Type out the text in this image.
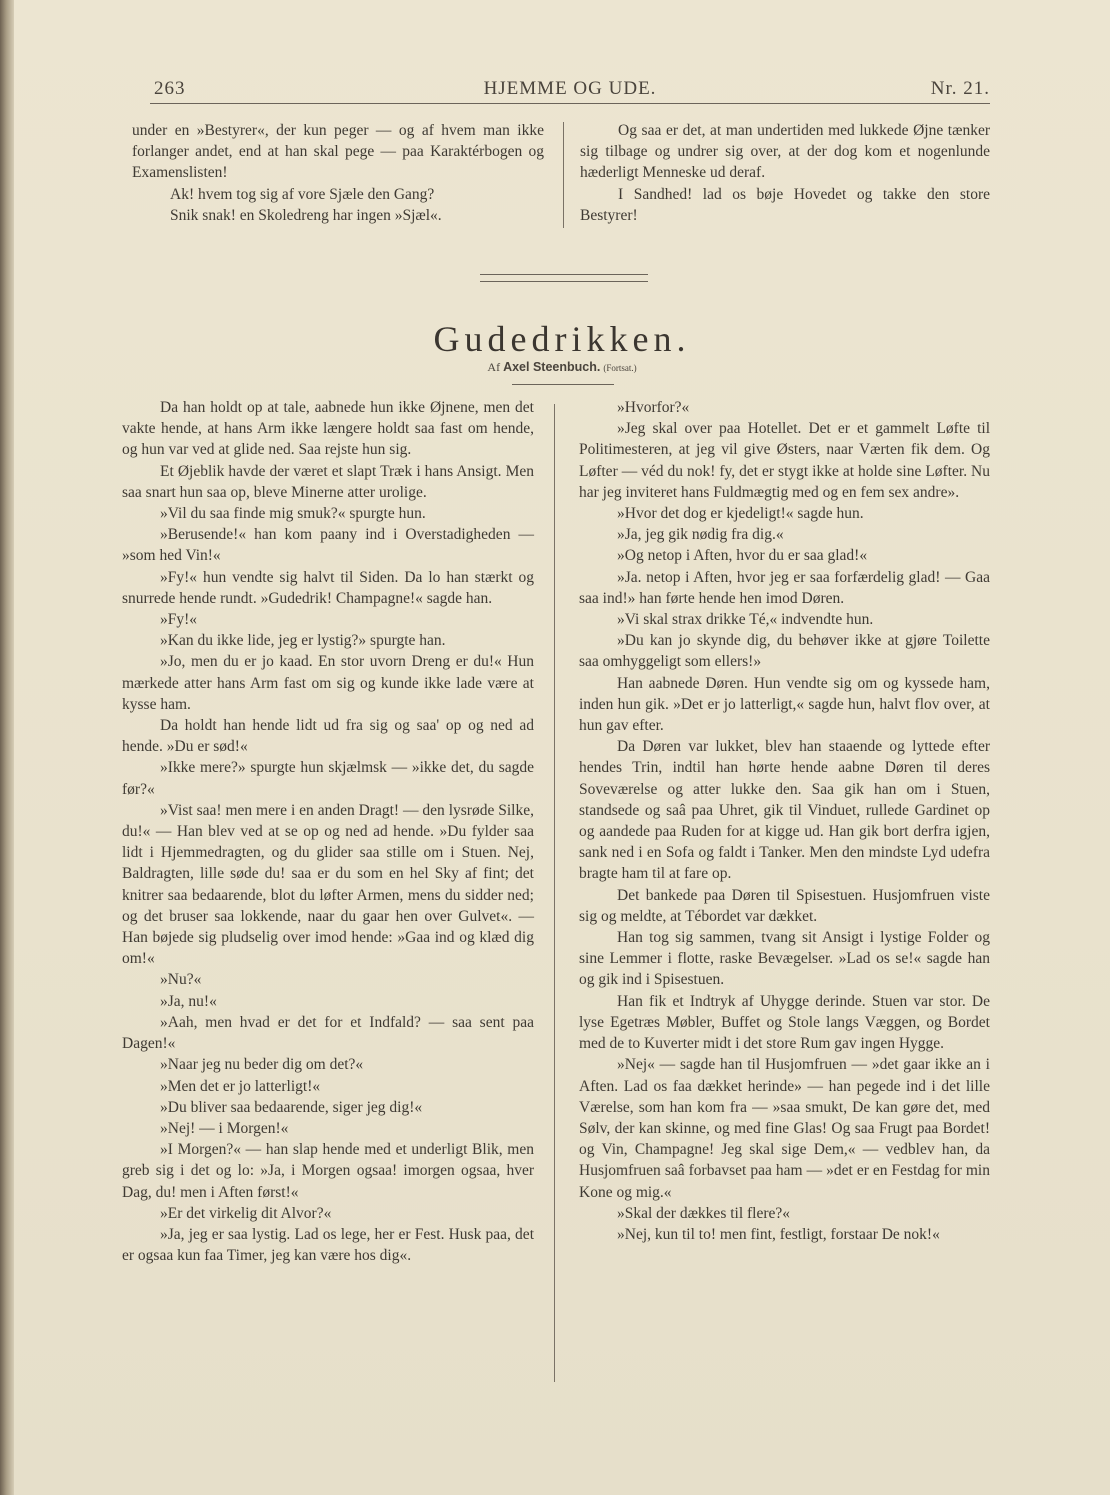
263	HJEMME OG UDE.	Nr. 21.

under en »Bestyrer«, der kun peger — og af hvem man ikke forlanger andet, end at han skal pege — paa Karaktérbogen og Examenslisten!

Ak! hvem tog sig af vore Sjæle den Gang?

Snik snak! en Skoledreng har ingen »Sjæl«.

Og saa er det, at man undertiden med lukkede Øjne tænker sig tilbage og undrer sig over, at der dog kom et nogenlunde hæderligt Menneske ud deraf.

I Sandhed! lad os bøje Hovedet og takke den store Bestyrer!

Gudedrikken.
Af Axel Steenbuch. (Fortsat.)

Da han holdt op at tale, aabnede hun ikke Øjnene, men det vakte hende, at hans Arm ikke længere holdt saa fast om hende, og hun var ved at glide ned. Saa rejste hun sig.

Et Øjeblik havde der været et slapt Træk i hans Ansigt. Men saa snart hun saa op, bleve Minerne atter urolige.

»Vil du saa finde mig smuk?« spurgte hun.

»Berusende!« han kom paany ind i Overstadigheden — »som hed Vin!«

»Fy!« hun vendte sig halvt til Siden. Da lo han stærkt og snurrede hende rundt. »Gudedrik! Champagne!« sagde han.

»Fy!«

»Kan du ikke lide, jeg er lystig?» spurgte han.

»Jo, men du er jo kaad. En stor uvorn Dreng er du!« Hun mærkede atter hans Arm fast om sig og kunde ikke lade være at kysse ham.

Da holdt han hende lidt ud fra sig og saa' op og ned ad hende. »Du er sød!«

»Ikke mere?» spurgte hun skjælmsk — »ikke det, du sagde før?«

»Vist saa! men mere i en anden Dragt! — den lysrøde Silke, du!« — Han blev ved at se op og ned ad hende. »Du fylder saa lidt i Hjemmedragten, og du glider saa stille om i Stuen. Nej, Baldragten, lille søde du! saa er du som en hel Sky af fint; det knitrer saa bedaarende, blot du løfter Armen, mens du sidder ned; og det bruser saa lokkende, naar du gaar hen over Gulvet«. — Han bøjede sig pludselig over imod hende: »Gaa ind og klæd dig om!«

»Nu?«

»Ja, nu!«

»Aah, men hvad er det for et Indfald? — saa sent paa Dagen!«

»Naar jeg nu beder dig om det?«

»Men det er jo latterligt!«

»Du bliver saa bedaarende, siger jeg dig!«

»Nej! — i Morgen!«

»I Morgen?« — han slap hende med et underligt Blik, men greb sig i det og lo: »Ja, i Morgen ogsaa! imorgen ogsaa, hver Dag, du! men i Aften først!«

»Er det virkelig dit Alvor?«

»Ja, jeg er saa lystig. Lad os lege, her er Fest. Husk paa, det er ogsaa kun faa Timer, jeg kan være hos dig«.

»Hvorfor?«

»Jeg skal over paa Hotellet. Det er et gammelt Løfte til Politimesteren, at jeg vil give Østers, naar Værten fik dem. Og Løfter — véd du nok! fy, det er stygt ikke at holde sine Løfter. Nu har jeg inviteret hans Fuldmægtig med og en fem sex andre».

»Hvor det dog er kjedeligt!« sagde hun.

»Ja, jeg gik nødig fra dig.«

»Og netop i Aften, hvor du er saa glad!«

»Ja. netop i Aften, hvor jeg er saa forfærdelig glad! — Gaa saa ind!» han førte hende hen imod Døren.

»Vi skal strax drikke Té,« indvendte hun.

»Du kan jo skynde dig, du behøver ikke at gjøre Toilette saa omhyggeligt som ellers!»

Han aabnede Døren. Hun vendte sig om og kyssede ham, inden hun gik. »Det er jo latterligt,« sagde hun, halvt flov over, at hun gav efter.

Da Døren var lukket, blev han staaende og lyttede efter hendes Trin, indtil han hørte hende aabne Døren til deres Soveværelse og atter lukke den. Saa gik han om i Stuen, standsede og saâ paa Uhret, gik til Vinduet, rullede Gardinet op og aandede paa Ruden for at kigge ud. Han gik bort derfra igjen, sank ned i en Sofa og faldt i Tanker. Men den mindste Lyd udefra bragte ham til at fare op.

Det bankede paa Døren til Spisestuen. Husjomfruen viste sig og meldte, at Tébordet var dækket.

Han tog sig sammen, tvang sit Ansigt i lystige Folder og sine Lemmer i flotte, raske Bevægelser. »Lad os se!« sagde han og gik ind i Spisestuen.

Han fik et Indtryk af Uhygge derinde. Stuen var stor. De lyse Egetræs Møbler, Buffet og Stole langs Væggen, og Bordet med de to Kuverter midt i det store Rum gav ingen Hygge.

»Nej« — sagde han til Husjomfruen — »det gaar ikke an i Aften. Lad os faa dækket herinde» — han pegede ind i det lille Værelse, som han kom fra — »saa smukt, De kan gøre det, med Sølv, der kan skinne, og med fine Glas! Og saa Frugt paa Bordet! og Vin, Champagne! Jeg skal sige Dem,« — vedblev han, da Husjomfruen saâ forbavset paa ham — »det er en Festdag for min Kone og mig.«

»Skal der dækkes til flere?«

»Nej, kun til to! men fint, festligt, forstaar De nok!«
